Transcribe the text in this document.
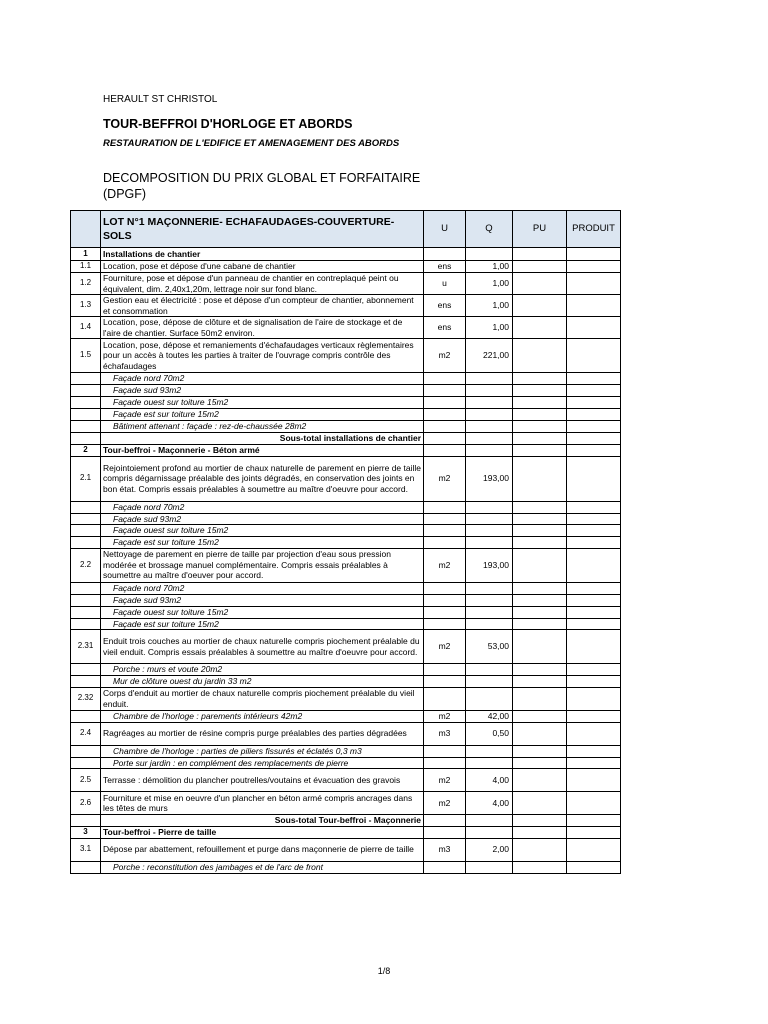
HERAULT ST CHRISTOL
TOUR-BEFFROI D'HORLOGE ET ABORDS
RESTAURATION DE L'EDIFICE ET AMENAGEMENT DES ABORDS
DECOMPOSITION DU PRIX GLOBAL ET FORFAITAIRE (DPGF)
	LOT N°1 MAÇONNERIE- ECHAFAUDAGES-COUVERTURE-SOLS	U	Q	PU	PRODUIT
1	Installations de chantier				
1.1	Location, pose et dépose d'une cabane de chantier	ens	1,00		
1.2	Fourniture, pose et dépose d'un panneau de chantier en contreplaqué peint ou équivalent, dim. 2,40x1,20m, lettrage noir sur fond blanc.	u	1,00		
1.3	Gestion eau et électricité : pose et dépose d'un compteur de chantier, abonnement et consommation	ens	1,00		
1.4	Location, pose, dépose de clôture et de signalisation de l'aire de stockage et de l'aire de chantier. Surface 50m2 environ.	ens	1,00		
1.5	Location, pose, dépose et remaniements d'échafaudages verticaux règlementaires pour un accès à toutes les parties à traiter de l'ouvrage compris contrôle des échafaudages	m2	221,00		
	Façade nord 70m2				
	Façade sud 93m2				
	Façade ouest sur toiture 15m2				
	Façade est sur toiture 15m2				
	Bâtiment attenant : façade : rez-de-chaussée 28m2				
	Sous-total installations de chantier				
2	Tour-beffroi - Maçonnerie - Béton armé				
2.1	Rejointoiement profond au mortier de chaux naturelle de parement en pierre de taille compris dégarnissage préalable des joints dégradés, en conservation des joints en bon état. Compris essais préalables à soumettre au maître d'oeuvre pour accord.	m2	193,00		
	Façade nord 70m2				
	Façade sud 93m2				
	Façade ouest sur toiture 15m2				
	Façade est sur toiture 15m2				
2.2	Nettoyage de parement en pierre de taille par projection d'eau sous pression modérée et brossage manuel complémentaire. Compris essais préalables à soumettre au maître d'oeuver pour accord.	m2	193,00		
	Façade nord 70m2				
	Façade sud 93m2				
	Façade ouest sur toiture 15m2				
	Façade est sur toiture 15m2				
2.31	Enduit trois couches au mortier de chaux naturelle compris piochement préalable du vieil enduit. Compris essais préalables à soumettre au maître d'oeuvre pour accord.	m2	53,00		
	Porche : murs et voute 20m2				
	Mur de clôture ouest du jardin 33 m2				
2.32	Corps d'enduit au mortier de chaux naturelle compris piochement préalable du vieil enduit.				
	Chambre de l'horloge : parements intérieurs 42m2	m2	42,00		
2.4	Ragréages au mortier de résine compris purge préalables des parties dégradées	m3	0,50		
	Chambre de l'horloge : parties de piliers fissurés et éclatés 0,3 m3				
	Porte sur jardin : en complément des remplacements de pierre				
2.5	Terrasse : démolition du plancher poutrelles/voutains et évacuation des gravois	m2	4,00		
2.6	Fourniture et mise en oeuvre d'un plancher en béton armé compris ancrages dans les têtes de murs	m2	4,00		
	Sous-total Tour-beffroi - Maçonnerie				
3	Tour-beffroi - Pierre de taille				
3.1	Dépose par abattement, refouillement et purge dans maçonnerie de pierre de taille	m3	2,00		
	Porche : reconstitution des jambages et de l'arc de front				
1/8
